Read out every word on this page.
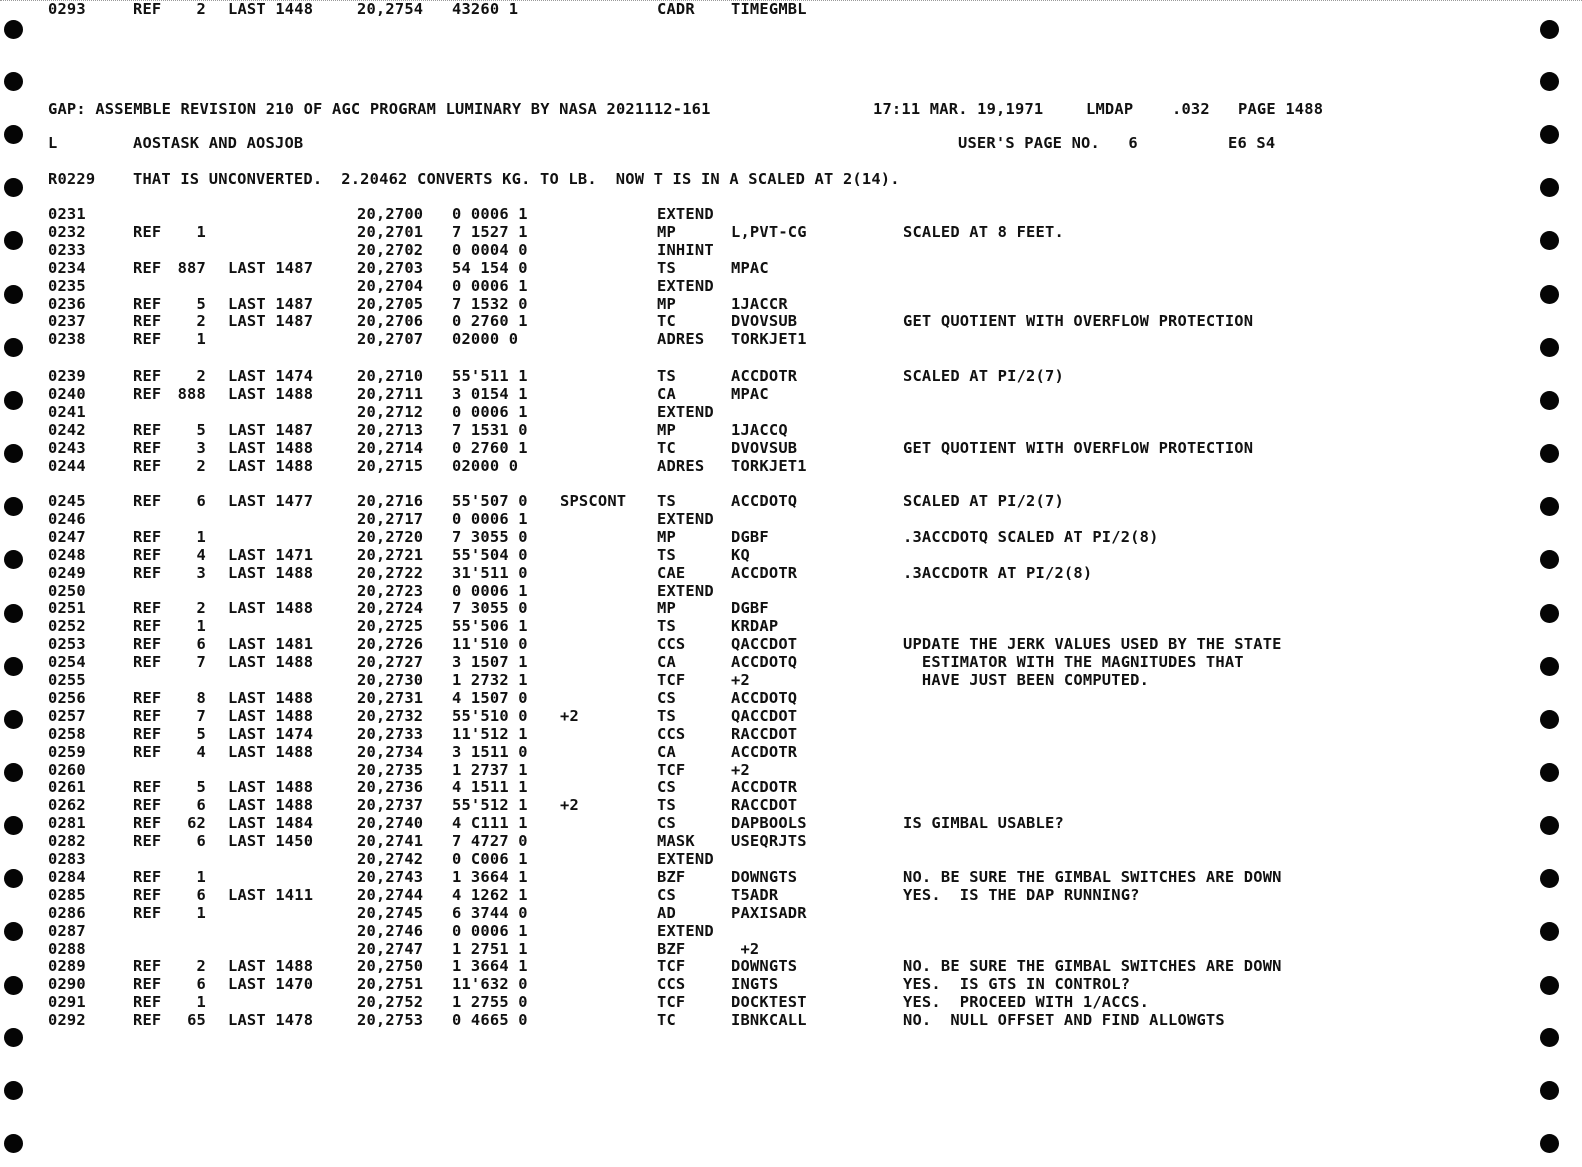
GAP: ASSEMBLE REVISION 210 OF AGC PROGRAM LUMINARY BY NASA 2021112-161	17:11 MAR. 19,1971	LMDAP	.032 PAGE 1488
L	AOSTASK AND AOSJOB	USER'S PAGE NO.   6	E6 S4
R0229 THAT IS UNCONVERTED.  2.20462 CONVERTS KG. TO LB.  NOW T IS IN A SCALED AT 2(14).
0231	20,2700 0 0006 1	EXTEND
0232	REF	1	20,2701 7 1527 1	MP	L,PVT-CG	SCALED AT 8 FEET.
0233	20,2702 0 0004 0	INHINT
0234	REF	887 LAST 1487	20,2703 54 154 0	TS	MPAC
0235	20,2704 0 0006 1	EXTEND
0236	REF	5 LAST 1487	20,2705 7 1532 0	MP	1JACCR
0237	REF	2 LAST 1487	20,2706 0 2760 1	TC	DVOVSUB	GET QUOTIENT WITH OVERFLOW PROTECTION
0238	REF	1	20,2707 02000 0	ADRES TORKJET1
0239	REF	2 LAST 1474	20,2710 55'511 1	TS	ACCDOTR	SCALED AT PI/2(7)
0240	REF	888 LAST 1488	20,2711 3 0154 1	CA	MPAC
0241	20,2712 0 0006 1	EXTEND
0242	REF	5 LAST 1487	20,2713 7 1531 0	MP	1JACCQ
0243	REF	3 LAST 1488	20,2714 0 2760 1	TC	DVOVSUB	GET QUOTIENT WITH OVERFLOW PROTECTION
0244	REF	2 LAST 1488	20,2715 02000 0	ADRES TORKJET1
0245	REF	6 LAST 1477	20,2716 55'507 0 SPSCONT TS	ACCDOTQ	SCALED AT PI/2(7)
0246	20,2717 0 0006 1	EXTEND
0247	REF	1	20,2720 7 3055 0	MP	DGBF	.3ACCDOTQ SCALED AT PI/2(8)
0248	REF	4 LAST 1471	20,2721 55'504 0	TS	KQ
0249	REF	3 LAST 1488	20,2722 31'511 0	CAE	ACCDOTR	.3ACCDOTR AT PI/2(8)
0250	20,2723 0 0006 1	EXTEND
0251	REF	2 LAST 1488	20,2724 7 3055 0	MP	DGBF
0252	REF	1	20,2725 55'506 1	TS	KRDAP
0253	REF	6 LAST 1481	20,2726 11'510 0	CCS	QACCDOT	UPDATE THE JERK VALUES USED BY THE STATE
0254	REF	7 LAST 1488	20,2727 3 1507 1	CA	ACCDOTQ	ESTIMATOR WITH THE MAGNITUDES THAT
0255	20,2730 1 2732 1	TCF	+2	HAVE JUST BEEN COMPUTED.
0256	REF	8 LAST 1488	20,2731 4 1507 0	CS	ACCDOTQ
0257	REF	7 LAST 1488	20,2732 55'510 0 +2	TS	QACCDOT
0258	REF	5 LAST 1474	20,2733 11'512 1	CCS	RACCDOT
0259	REF	4 LAST 1488	20,2734 3 1511 0	CA	ACCDOTR
0260	20,2735 1 2737 1	TCF	+2
0261	REF	5 LAST 1488	20,2736 4 1511 1	CS	ACCDOTR
0262	REF	6 LAST 1488	20,2737 55'512 1 +2	TS	RACCDOT
0281	REF	62 LAST 1484	20,2740 4 C111 1	CS	DAPBOOLS	IS GIMBAL USABLE?
0282	REF	6 LAST 1450	20,2741 7 4727 0	MASK USEQRJTS
0283	20,2742 0 C006 1	EXTEND
0284	REF	1	20,2743 1 3664 1	BZF	DOWNGTS	NO. BE SURE THE GIMBAL SWITCHES ARE DOWN
0285	REF	6 LAST 1411	20,2744 4 1262 1	CS	T5ADR	YES.  IS THE DAP RUNNING?
0286	REF	1	20,2745 6 3744 0	AD	PAXISADR
0287	20,2746 0 0006 1	EXTEND
0288	20,2747 1 2751 1	BZF	+2
0289	REF	2 LAST 1488	20,2750 1 3664 1	TCF	DOWNGTS	NO. BE SURE THE GIMBAL SWITCHES ARE DOWN
0290	REF	6 LAST 1470	20,2751 11'632 0	CCS	INGTS	YES.  IS GTS IN CONTROL?
0291	REF	1	20,2752 1 2755 0	TCF	DOCKTEST	YES.  PROCEED WITH 1/ACCS.
0292	REF	65 LAST 1478	20,2753 0 4665 0	TC	IBNKCALL	NO.  NULL OFFSET AND FIND ALLOWGTS
0293	REF	2 LAST 1448	20,2754 43260 1	CADR TIMEGMBL
